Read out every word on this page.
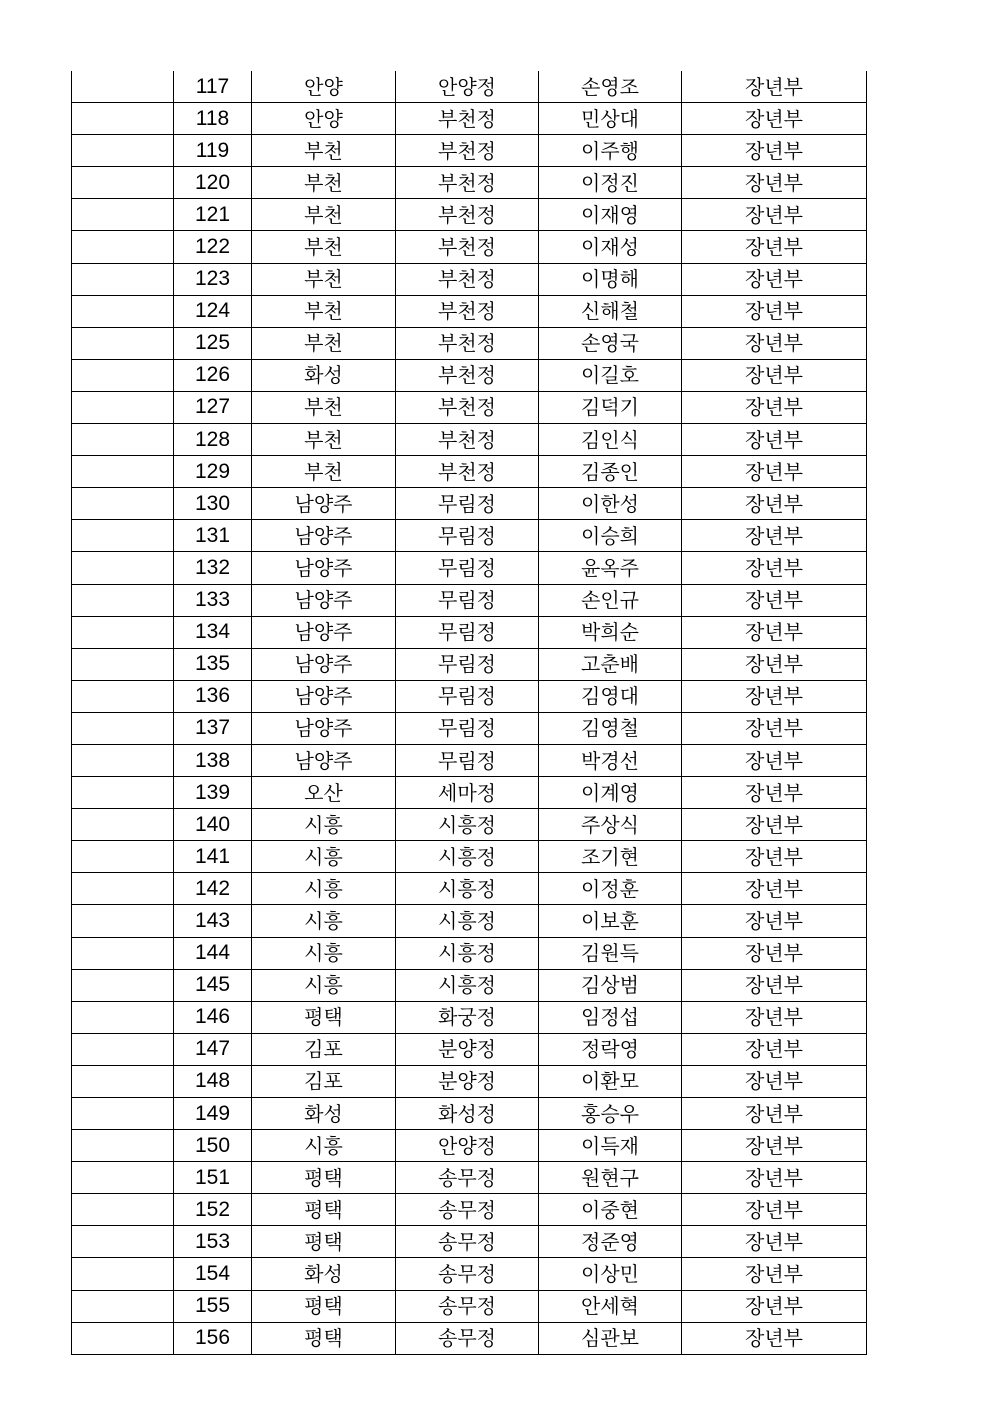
	117	안양	안양정	손영조	장년부
	118	안양	부천정	민상대	장년부
	119	부천	부천정	이주행	장년부
	120	부천	부천정	이정진	장년부
	121	부천	부천정	이재영	장년부
	122	부천	부천정	이재성	장년부
	123	부천	부천정	이명해	장년부
	124	부천	부천정	신해철	장년부
	125	부천	부천정	손영국	장년부
	126	화성	부천정	이길호	장년부
	127	부천	부천정	김덕기	장년부
	128	부천	부천정	김인식	장년부
	129	부천	부천정	김종인	장년부
	130	남양주	무림정	이한성	장년부
	131	남양주	무림정	이승희	장년부
	132	남양주	무림정	윤옥주	장년부
	133	남양주	무림정	손인규	장년부
	134	남양주	무림정	박희순	장년부
	135	남양주	무림정	고춘배	장년부
	136	남양주	무림정	김영대	장년부
	137	남양주	무림정	김영철	장년부
	138	남양주	무림정	박경선	장년부
	139	오산	세마정	이계영	장년부
	140	시흥	시흥정	주상식	장년부
	141	시흥	시흥정	조기현	장년부
	142	시흥	시흥정	이정훈	장년부
	143	시흥	시흥정	이보훈	장년부
	144	시흥	시흥정	김원득	장년부
	145	시흥	시흥정	김상범	장년부
	146	평택	화궁정	임정섭	장년부
	147	김포	분양정	정락영	장년부
	148	김포	분양정	이환모	장년부
	149	화성	화성정	홍승우	장년부
	150	시흥	안양정	이득재	장년부
	151	평택	송무정	원현구	장년부
	152	평택	송무정	이중현	장년부
	153	평택	송무정	정준영	장년부
	154	화성	송무정	이상민	장년부
	155	평택	송무정	안세혁	장년부
	156	평택	송무정	심관보	장년부
